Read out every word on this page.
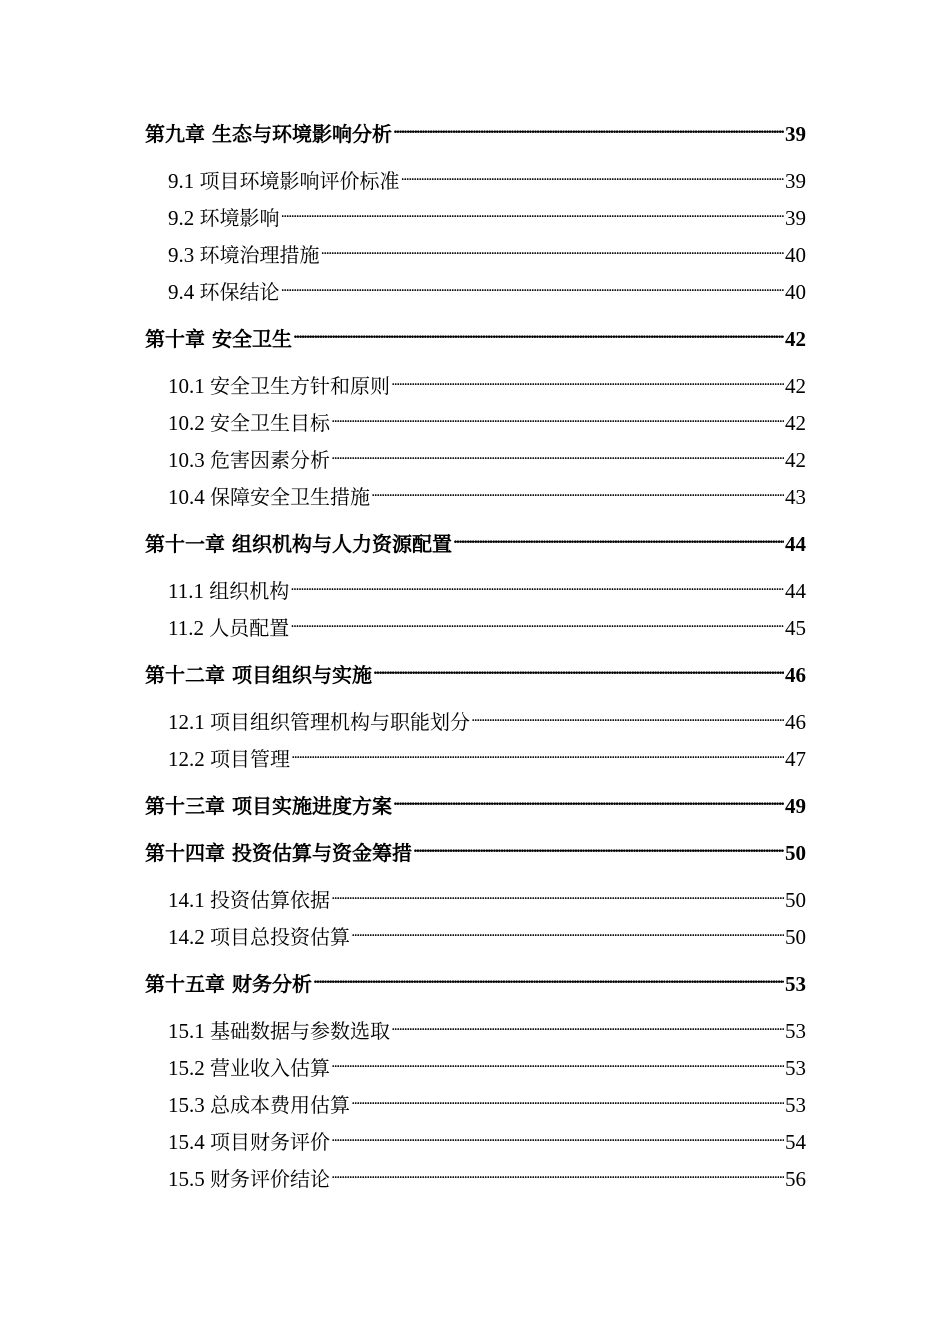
第九章 生态与环境影响分析 . . .	39
9.1 项目环境影响评价标准 . . .	39
9.2 环境影响 . . .	39
9.3 环境治理措施 . . .	40
9.4 环保结论 . . .	40
第十章 安全卫生 . . .	42
10.1 安全卫生方针和原则 . . .	42
10.2 安全卫生目标 . . .	42
10.3 危害因素分析 . . .	42
10.4 保障安全卫生措施 . . .	43
第十一章 组织机构与人力资源配置 . . .	44
11.1 组织机构 . . .	44
11.2 人员配置 . . .	45
第十二章 项目组织与实施 . . .	46
12.1 项目组织管理机构与职能划分 . . .	46
12.2 项目管理 . . .	47
第十三章 项目实施进度方案 . . .	49
第十四章 投资估算与资金筹措 . . .	50
14.1 投资估算依据 . . .	50
14.2 项目总投资估算 . . .	50
第十五章 财务分析 . . .	53
15.1 基础数据与参数选取 . . .	53
15.2 营业收入估算 . . .	53
15.3 总成本费用估算 . . .	53
15.4 项目财务评价 . . .	54
15.5 财务评价结论 . . .	56
